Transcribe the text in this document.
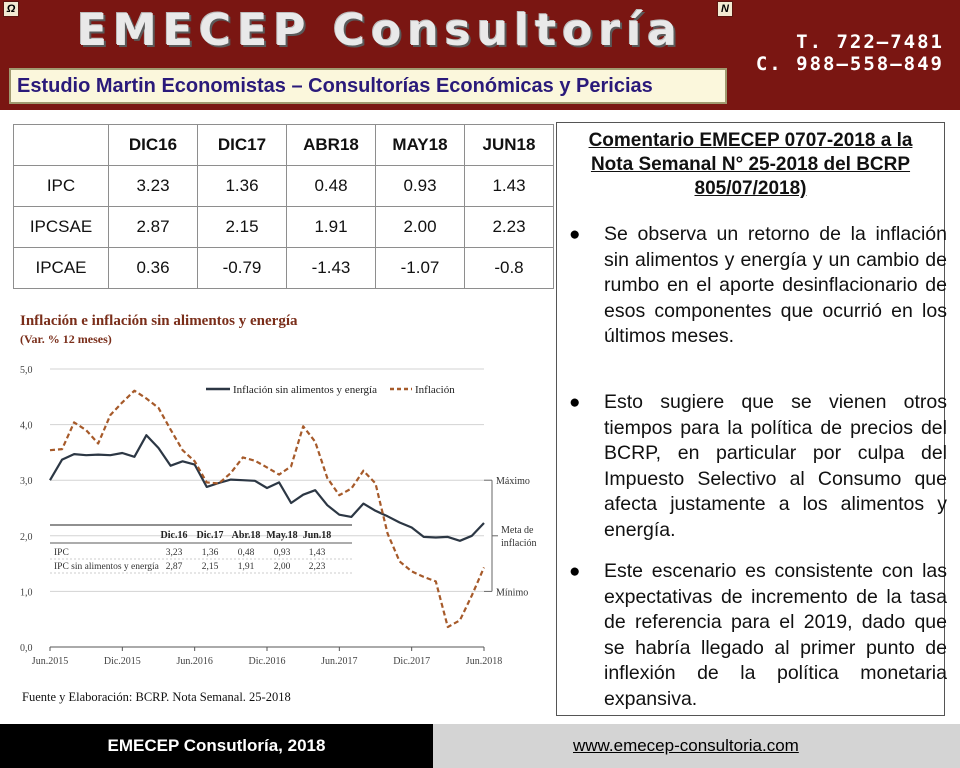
Ω	N
EMECEP Consultoría	T. 722–7481
C. 988–558–849
Estudio Martin Economistas – Consultorías Económicas y Pericias
	DIC16	DIC17	ABR18	MAY18	JUN18
IPC	3.23	1.36	0.48	0.93	1.43
IPCSAE	2.87	2.15	1.91	2.00	2.23
IPCAE	0.36	-0.79	-1.43	-1.07	-0.8
Inflación e inflación sin alimentos y energía
(Var. % 12 meses)
5,0
4,0
3,0
2,0
1,0
0,0
Jun.2015	Dic.2015	Jun.2016	Dic.2016	Jun.2017	Dic.2017	Jun.2018
Máximo
Mínimo
Meta de
inflación
Inflación sin alimentos y energía	Inflación
Dic.16 Dic.17 Abr.18 May.18 Jun.18
IPC	3,23 1,36 0,48 0,93 1,43
IPC sin alimentos y energía 2,87 2,15 1,91 2,00 2,23
Fuente y Elaboración: BCRP. Nota Semanal. 25-2018
Comentario EMECEP 0707-2018 a la Nota Semanal N° 25-2018 del BCRP 805/07/2018)
● Se observa un retorno de la inflación sin alimentos y energía y un cambio de rumbo en el aporte desinflacionario de esos componentes que ocurrió en los últimos meses.
● Esto sugiere que se vienen otros tiempos para la política de precios del BCRP, en particular por culpa del Impuesto Selectivo al Consumo que afecta justamente a los alimentos y energía.
● Este escenario es consistente con las expectativas de incremento de la tasa de referencia para el 2019, dado que se habría llegado al primer punto de inflexión de la política monetaria expansiva.
EMECEP Consutloría, 2018	www.emecep-consultoria.com
